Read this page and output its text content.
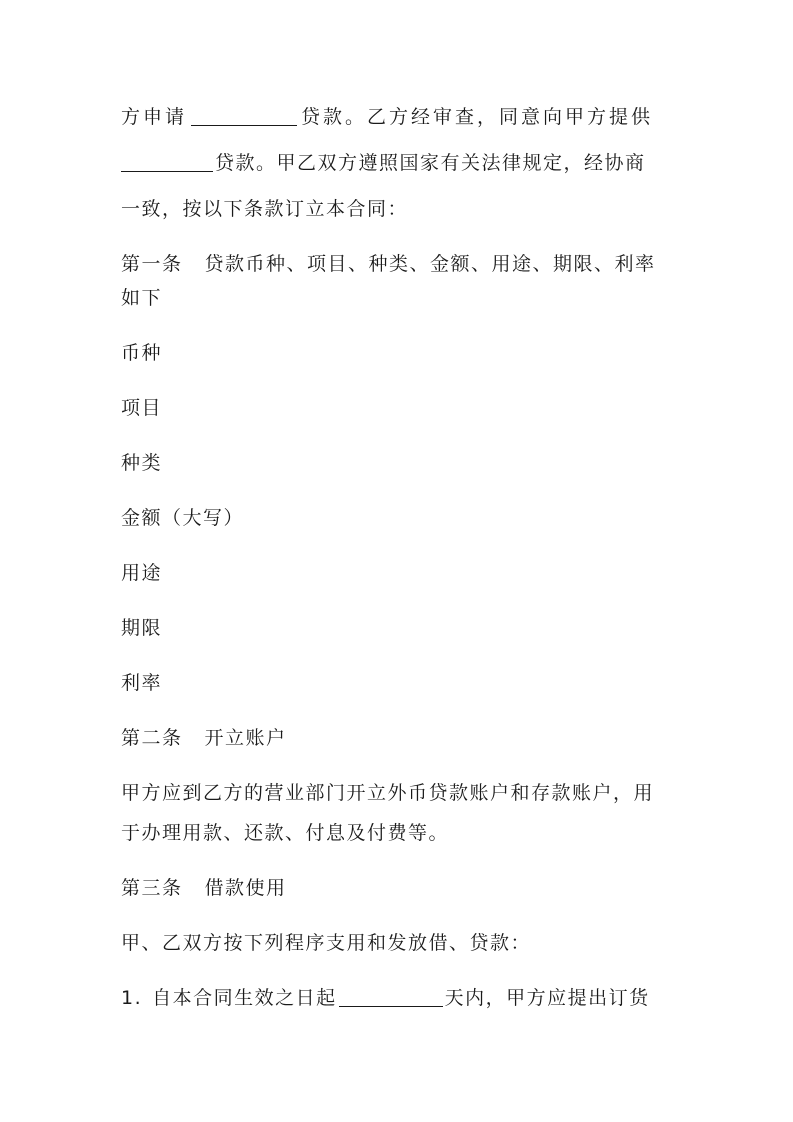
方申请	贷款。乙方经审查，同意向甲方提供
贷款。甲乙双方遵照国家有关法律规定，经协商
一致，按以下条款订立本合同：
第一条 贷款币种、项目、种类、金额、用途、期限、利率
如下
币种
项目
种类
金额（大写）
用途
期限
利率
第二条 开立账户
甲方应到乙方的营业部门开立外币贷款账户和存款账户，用
于办理用款、还款、付息及付费等。
第三条 借款使用
甲、乙双方按下列程序支用和发放借、贷款：
1. 自本合同生效之日起	天内，甲方应提出订货
